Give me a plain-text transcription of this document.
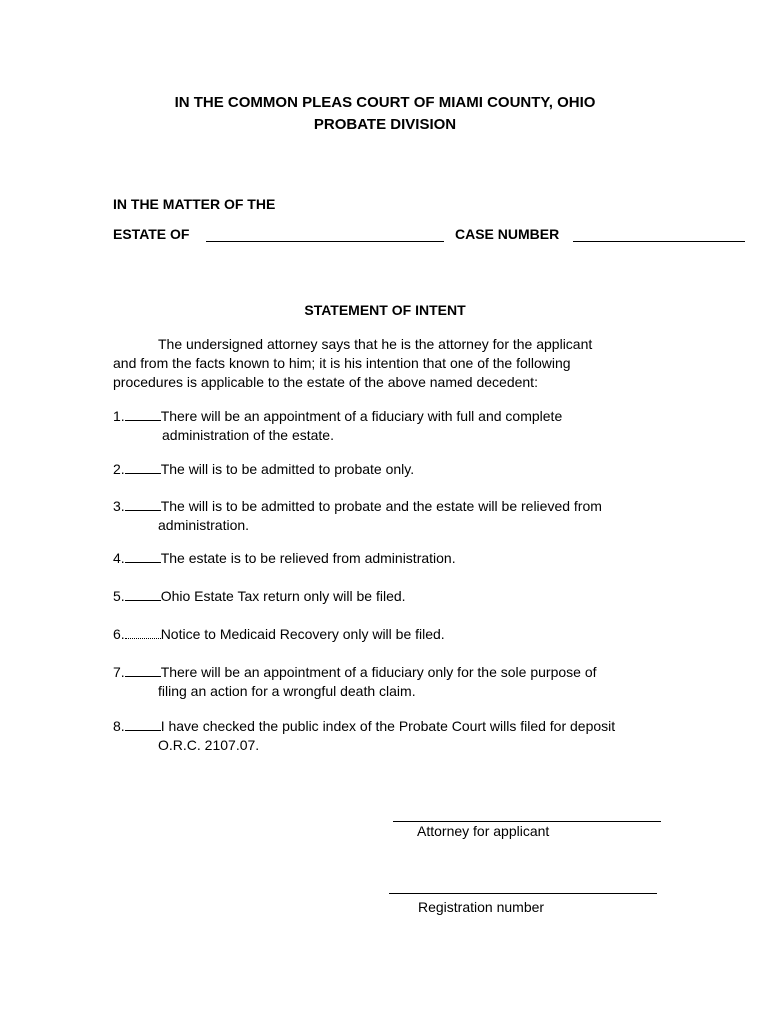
IN THE COMMON PLEAS COURT OF MIAMI COUNTY, OHIO
PROBATE DIVISION
IN THE MATTER OF THE
ESTATE OF	CASE NUMBER
STATEMENT OF INTENT
The undersigned attorney says that he is the attorney for the applicant
and from the facts known to him; it is his intention that one of the following
procedures is applicable to the estate of the above named decedent:
1.	There will be an appointment of a fiduciary with full and complete
administration of the estate.
2.	The will is to be admitted to probate only.
3.	The will is to be admitted to probate and the estate will be relieved from
administration.
4.	The estate is to be relieved from administration.
5.	Ohio Estate Tax return only will be filed.
6.	Notice to Medicaid Recovery only will be filed.
7.	There will be an appointment of a fiduciary only for the sole purpose of
filing an action for a wrongful death claim.
8.	I have checked the public index of the Probate Court wills filed for deposit
O.R.C. 2107.07.
Attorney for applicant
Registration number
